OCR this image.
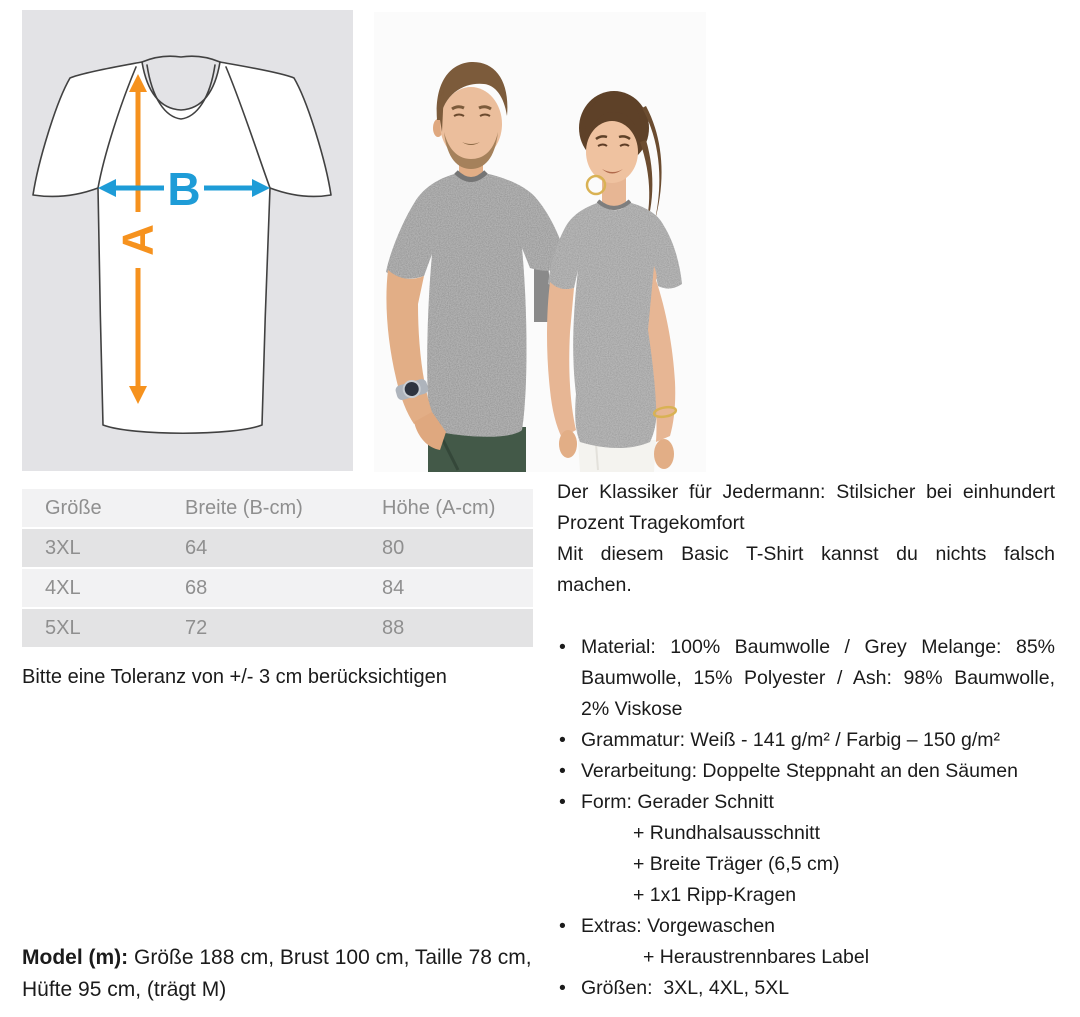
A
B
Größe	Breite (B-cm)	Höhe (A-cm)
3XL	64	80
4XL	68	84
5XL	72	88
Bitte eine Toleranz von +/- 3 cm berücksichtigen
Model (m): Größe 188 cm, Brust 100 cm, Taille 78 cm, Hüfte 95 cm, (trägt M)
Der Klassiker für Jedermann: Stilsicher bei einhundert
Prozent Tragekomfort
Mit diesem Basic T-Shirt kannst du nichts falsch
machen.
• Material: 100% Baumwolle / Grey Melange: 85%
Baumwolle, 15% Polyester / Ash: 98% Baumwolle,
2% Viskose
• Grammatur: Weiß - 141 g/m² / Farbig – 150 g/m²
• Verarbeitung: Doppelte Steppnaht an den Säumen
• Form: Gerader Schnitt
+ Rundhalsausschnitt
+ Breite Träger (6,5 cm)
+ 1x1 Ripp-Kragen
• Extras: Vorgewaschen
+ Heraustrennbares Label
• Größen:  3XL, 4XL, 5XL
